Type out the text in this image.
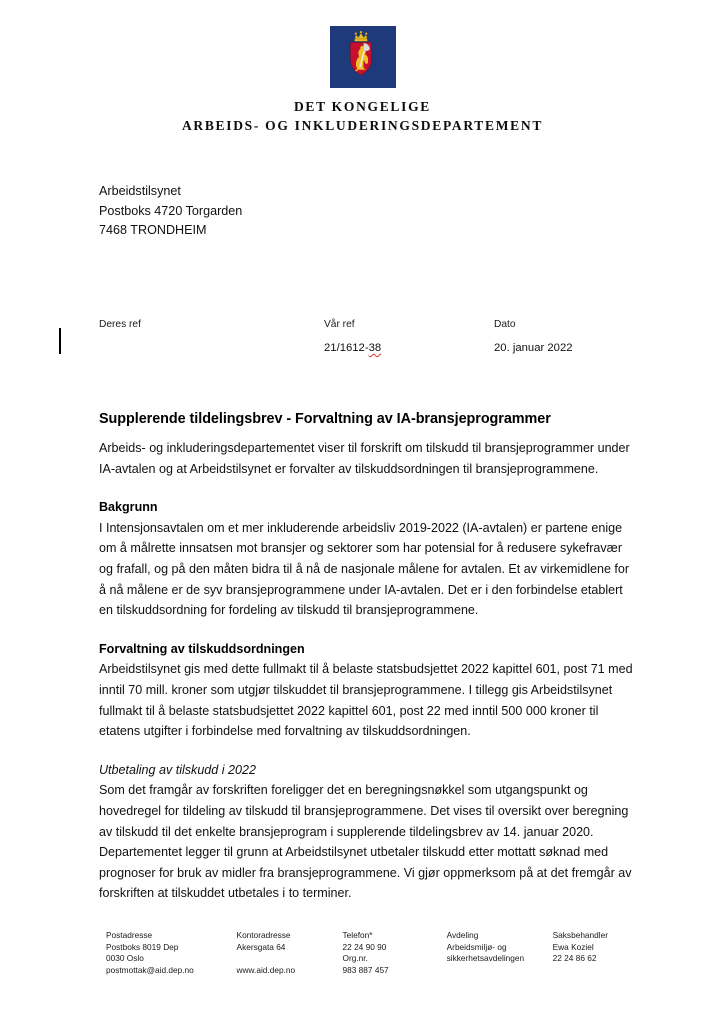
DET KONGELIGE
ARBEIDS- OG INKLUDERINGSDEPARTEMENT
Arbeidstilsynet
Postboks 4720 Torgarden
7468 TRONDHEIM
Deres ref	Vår ref
21/1612-38
Dato
20. januar 2022
Supplerende tildelingsbrev - Forvaltning av IA-bransjeprogrammer

Arbeids- og inkluderingsdepartementet viser til forskrift om tilskudd til bransjeprogrammer under IA-avtalen og at Arbeidstilsynet er forvalter av tilskuddsordningen til bransjeprogrammene.

Bakgrunn

I Intensjonsavtalen om et mer inkluderende arbeidsliv 2019-2022 (IA-avtalen) er partene enige om å målrette innsatsen mot bransjer og sektorer som har potensial for å redusere sykefravær og frafall, og på den måten bidra til å nå de nasjonale målene for avtalen. Et av virkemidlene for å nå målene er de syv bransjeprogrammene under IA-avtalen. Det er i den forbindelse etablert en tilskuddsordning for fordeling av tilskudd til bransjeprogrammene.

Forvaltning av tilskuddsordningen

Arbeidstilsynet gis med dette fullmakt til å belaste statsbudsjettet 2022 kapittel 601, post 71 med inntil 70 mill. kroner som utgjør tilskuddet til bransjeprogrammene. I tillegg gis Arbeidstilsynet fullmakt til å belaste statsbudsjettet 2022 kapittel 601, post 22 med inntil 500 000 kroner til etatens utgifter i forbindelse med forvaltning av tilskuddsordningen.

Utbetaling av tilskudd i 2022

Som det framgår av forskriften foreligger det en beregningsnøkkel som utgangspunkt og hovedregel for tildeling av tilskudd til bransjeprogrammene. Det vises til oversikt over beregning av tilskudd til det enkelte bransjeprogram i supplerende tildelingsbrev av 14. januar 2020. Departementet legger til grunn at Arbeidstilsynet utbetaler tilskudd etter mottatt søknad med prognoser for bruk av midler fra bransjeprogrammene. Vi gjør oppmerksom på at det fremgår av forskriften at tilskuddet utbetales i to terminer.

Postadresse
Postboks 8019 Dep
0030 Oslo
postmottak@aid.dep.no
Kontoradresse
Akersgata 64
www.aid.dep.no
Telefon*
22 24 90 90
Org.nr.
983 887 457
Avdeling
Arbeidsmiljø- og
sikkerhetsavdelingen
Saksbehandler
Ewa Koziel
22 24 86 62
